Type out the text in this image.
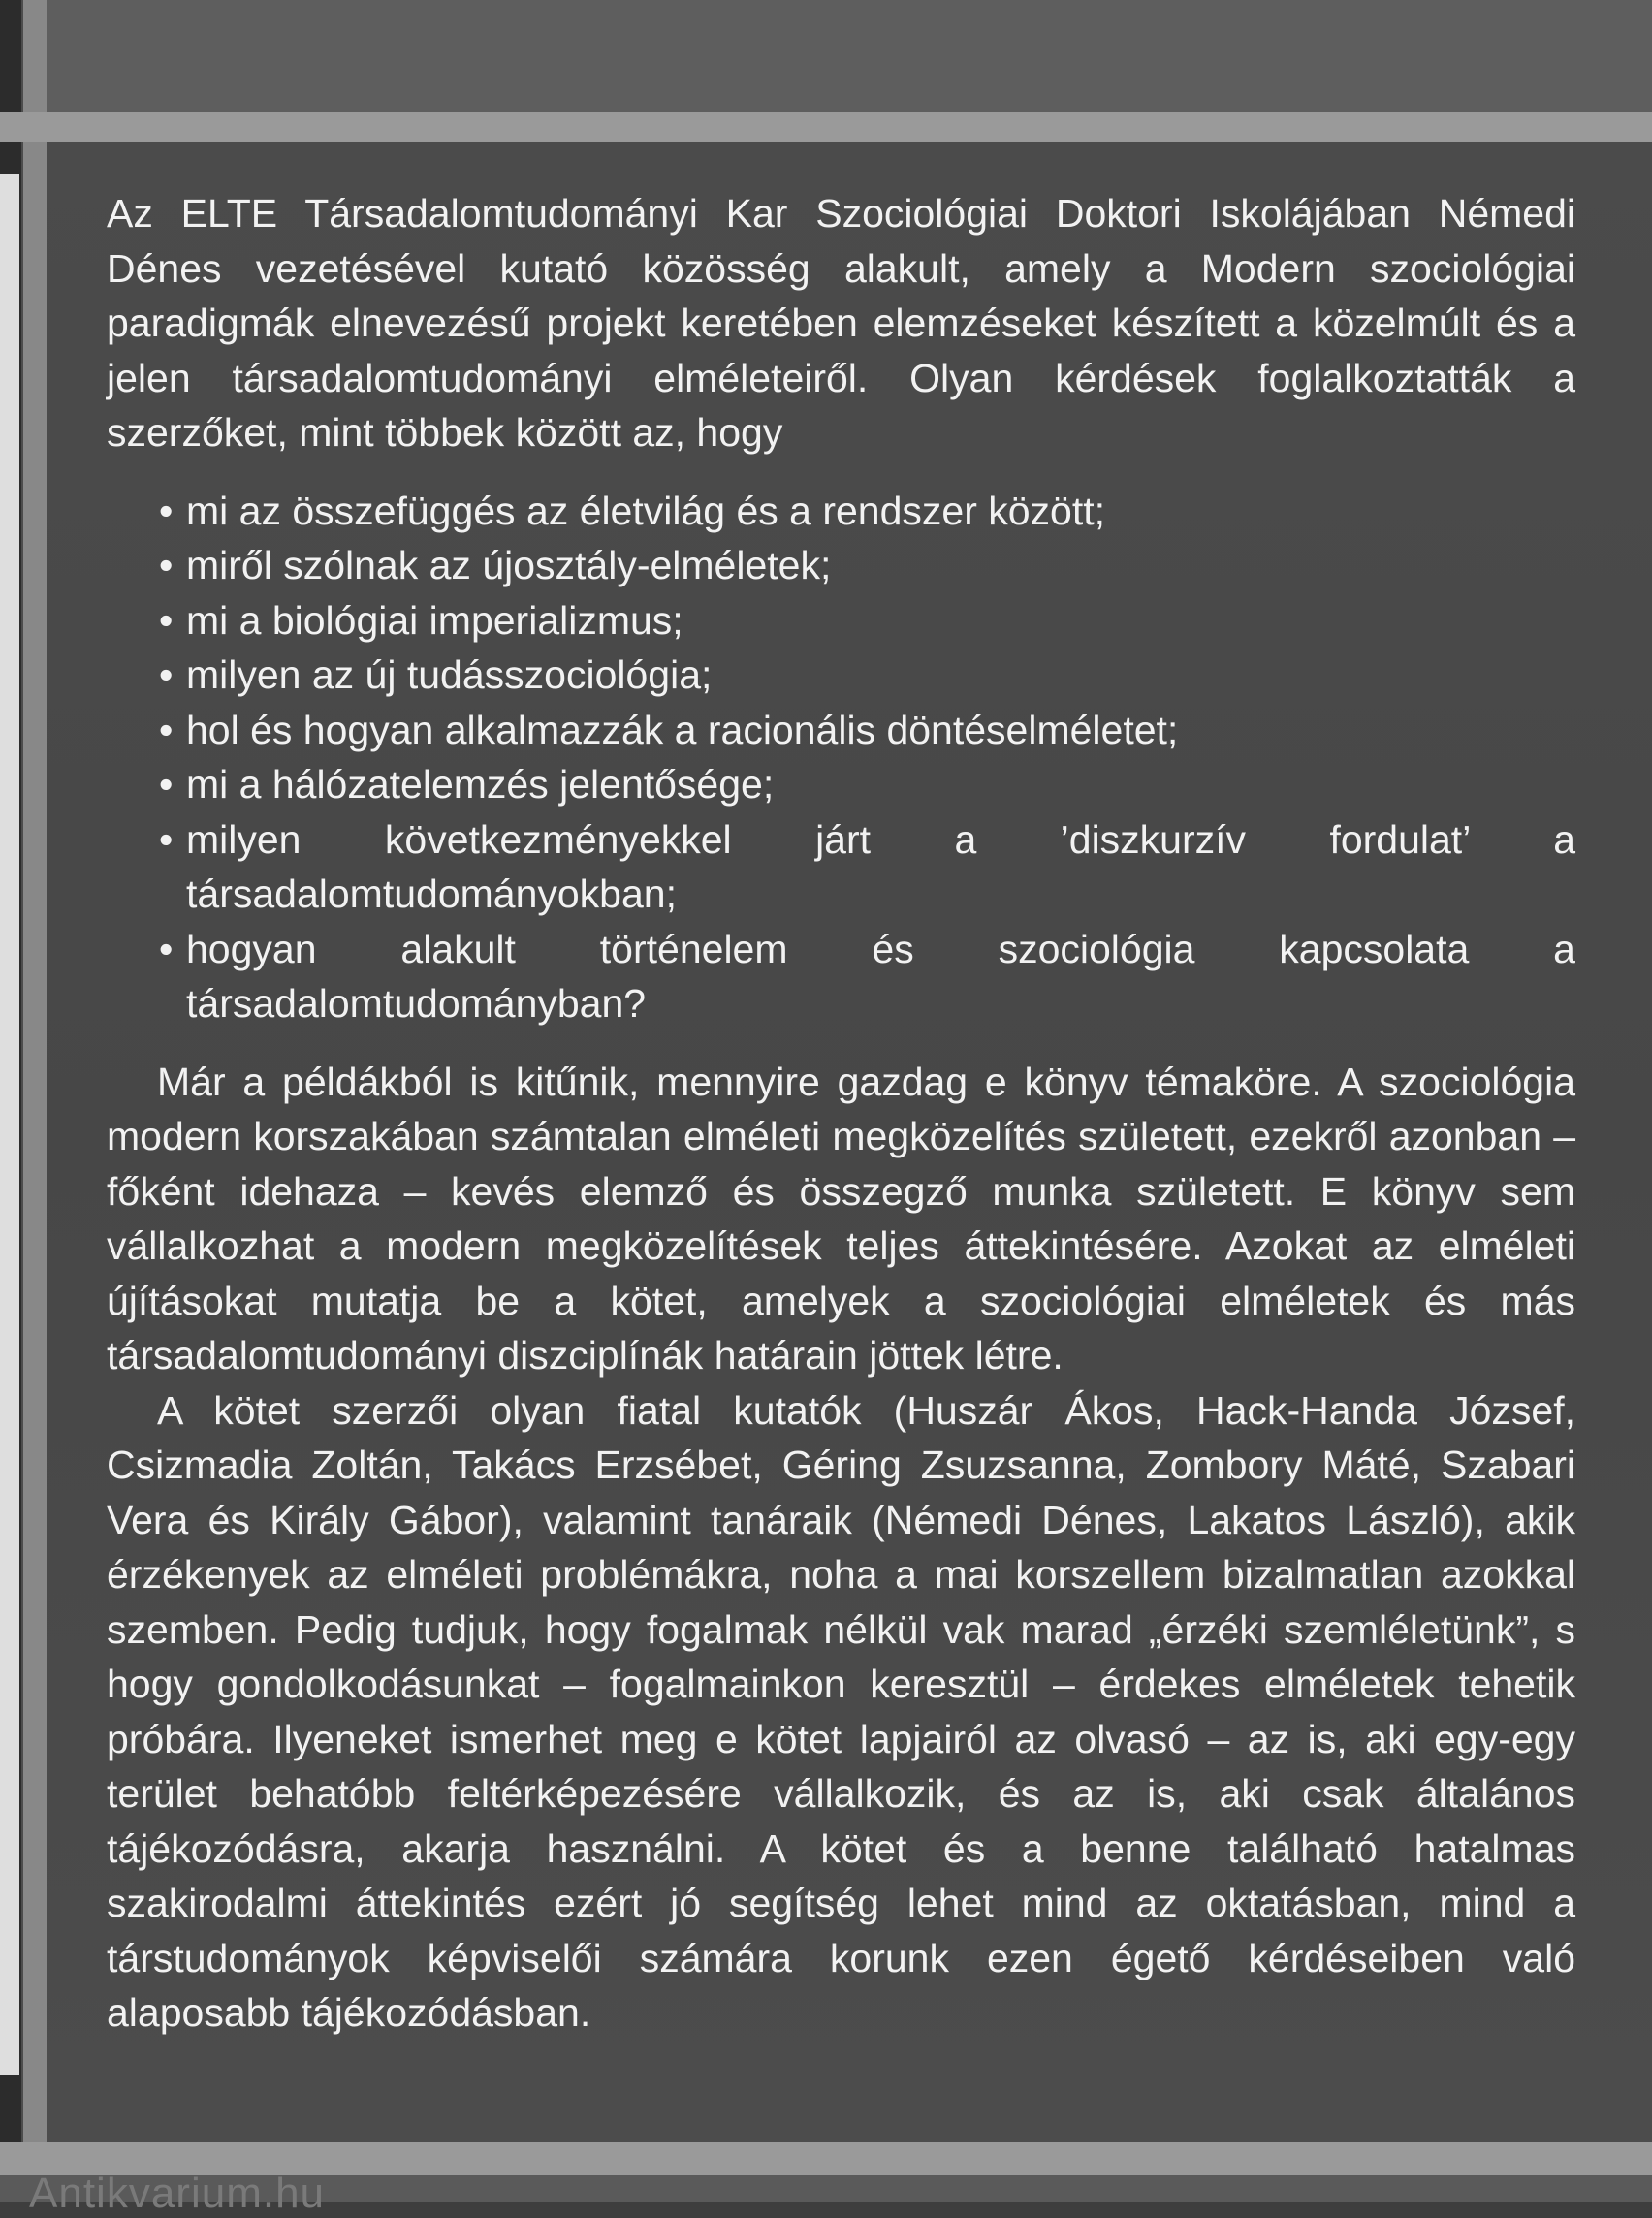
Antikvarium.hu

Az ELTE Társadalomtudományi Kar Szociológiai Doktori Iskolájában Némedi Dénes vezetésével kutató közösség alakult, amely a Modern szociológiai paradigmák elnevezésű projekt keretében elemzéseket készített a közelmúlt és a jelen társadalomtudományi elméleteiről. Olyan kérdések foglalkoztatták a szerzőket, mint többek között az, hogy

• mi az összefüggés az életvilág és a rendszer között;
• miről szólnak az újosztály-elméletek;
• mi a biológiai imperializmus;
• milyen az új tudásszociológia;
• hol és hogyan alkalmazzák a racionális döntéselméletet;
• mi a hálózatelemzés jelentősége;
• milyen következményekkel járt a ’diszkurzív fordulat’ a társadalomtudományokban;
• hogyan alakult történelem és szociológia kapcsolata a társadalomtudományban?

Már a példákból is kitűnik, mennyire gazdag e könyv témaköre. A szociológia modern korszakában számtalan elméleti megközelítés született, ezekről azonban – főként idehaza – kevés elemző és összegző munka született. E könyv sem vállalkozhat a modern megközelítések teljes áttekintésére. Azokat az elméleti újításokat mutatja be a kötet, amelyek a szociológiai elméletek és más társadalomtudományi diszciplínák határain jöttek létre.

A kötet szerzői olyan fiatal kutatók (Huszár Ákos, Hack-Handa József, Csizmadia Zoltán, Takács Erzsébet, Géring Zsuzsanna, Zombory Máté, Szabari Vera és Király Gábor), valamint tanáraik (Némedi Dénes, Lakatos László), akik érzékenyek az elméleti problémákra, noha a mai korszellem bizalmatlan azokkal szemben. Pedig tudjuk, hogy fogalmak nélkül vak marad „érzéki szemléletünk”, s hogy gondolkodásunkat – fogalmainkon keresztül – érdekes elméletek tehetik próbára. Ilyeneket ismerhet meg e kötet lapjairól az olvasó – az is, aki egy-egy terület behatóbb feltérképezésére vállalkozik, és az is, aki csak általános tájékozódásra, akarja használni. A kötet és a benne található hatalmas szakirodalmi áttekintés ezért jó segítség lehet mind az oktatásban, mind a társtudományok képviselői számára korunk ezen égető kérdéseiben való alaposabb tájékozódásban.
